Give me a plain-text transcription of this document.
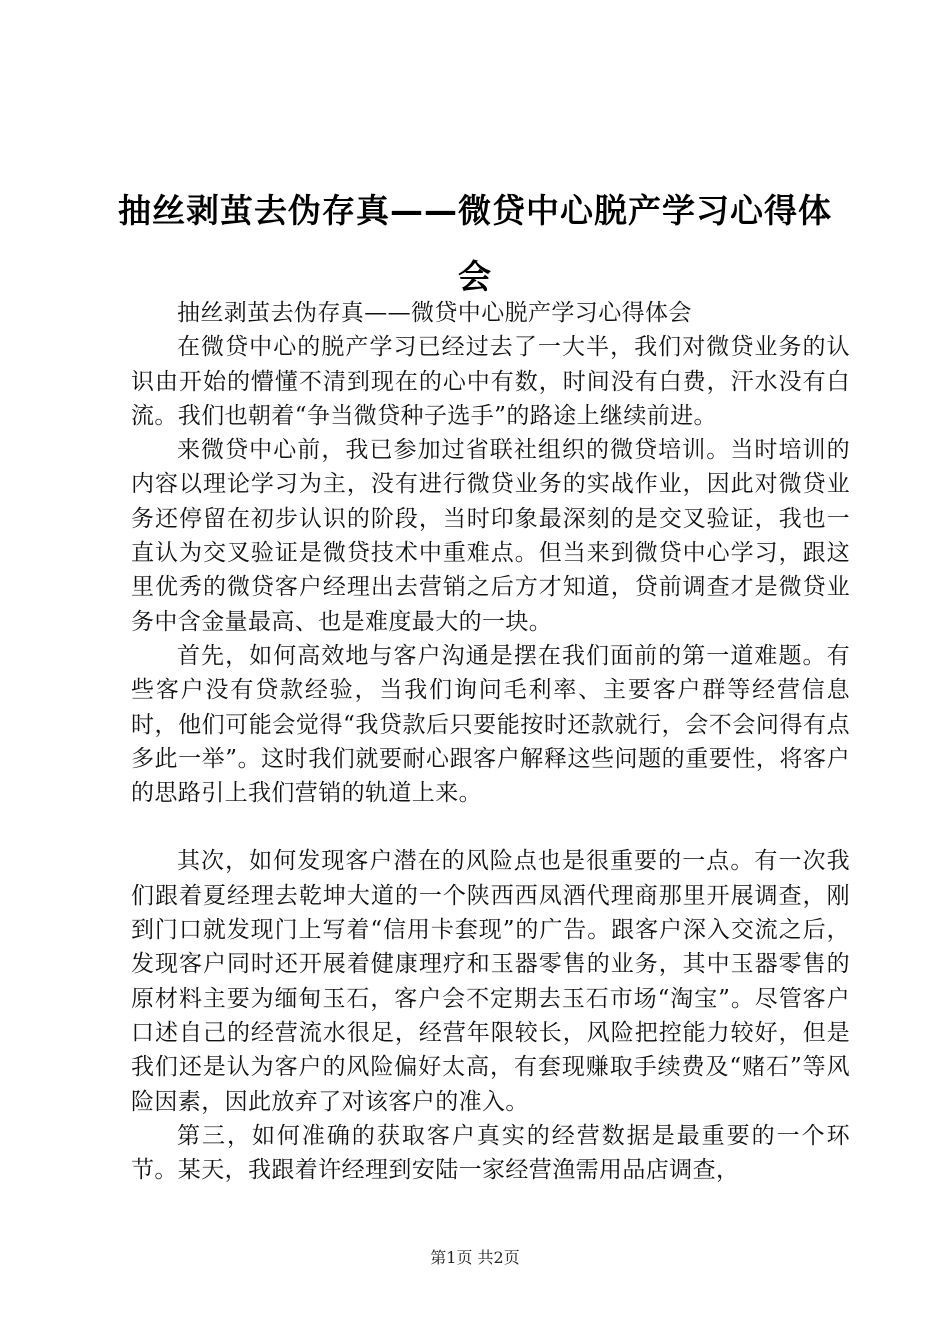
抽丝剥茧去伪存真——微贷中心脱产学习心得体会

抽丝剥茧去伪存真——微贷中心脱产学习心得体会

在微贷中心的脱产学习已经过去了一大半，我们对微贷业务的认识由开始的懵懂不清到现在的心中有数，时间没有白费，汗水没有白流。我们也朝着“争当微贷种子选手”的路途上继续前进。

来微贷中心前，我已参加过省联社组织的微贷培训。当时培训的内容以理论学习为主，没有进行微贷业务的实战作业，因此对微贷业务还停留在初步认识的阶段，当时印象最深刻的是交叉验证，我也一直认为交叉验证是微贷技术中重难点。但当来到微贷中心学习，跟这里优秀的微贷客户经理出去营销之后方才知道，贷前调查才是微贷业务中含金量最高、也是难度最大的一块。

首先，如何高效地与客户沟通是摆在我们面前的第一道难题。有些客户没有贷款经验，当我们询问毛利率、主要客户群等经营信息时，他们可能会觉得“我贷款后只要能按时还款就行，会不会问得有点多此一举”。这时我们就要耐心跟客户解释这些问题的重要性，将客户的思路引上我们营销的轨道上来。

其次，如何发现客户潜在的风险点也是很重要的一点。有一次我们跟着夏经理去乾坤大道的一个陕西西凤酒代理商那里开展调查，刚到门口就发现门上写着“信用卡套现”的广告。跟客户深入交流之后，发现客户同时还开展着健康理疗和玉器零售的业务，其中玉器零售的原材料主要为缅甸玉石，客户会不定期去玉石市场“淘宝”。尽管客户口述自己的经营流水很足，经营年限较长，风险把控能力较好，但是我们还是认为客户的风险偏好太高，有套现赚取手续费及“赌石”等风险因素，因此放弃了对该客户的准入。

第三，如何准确的获取客户真实的经营数据是最重要的一个环节。某天，我跟着许经理到安陆一家经营渔需用品店调查，

第1页 共2页
